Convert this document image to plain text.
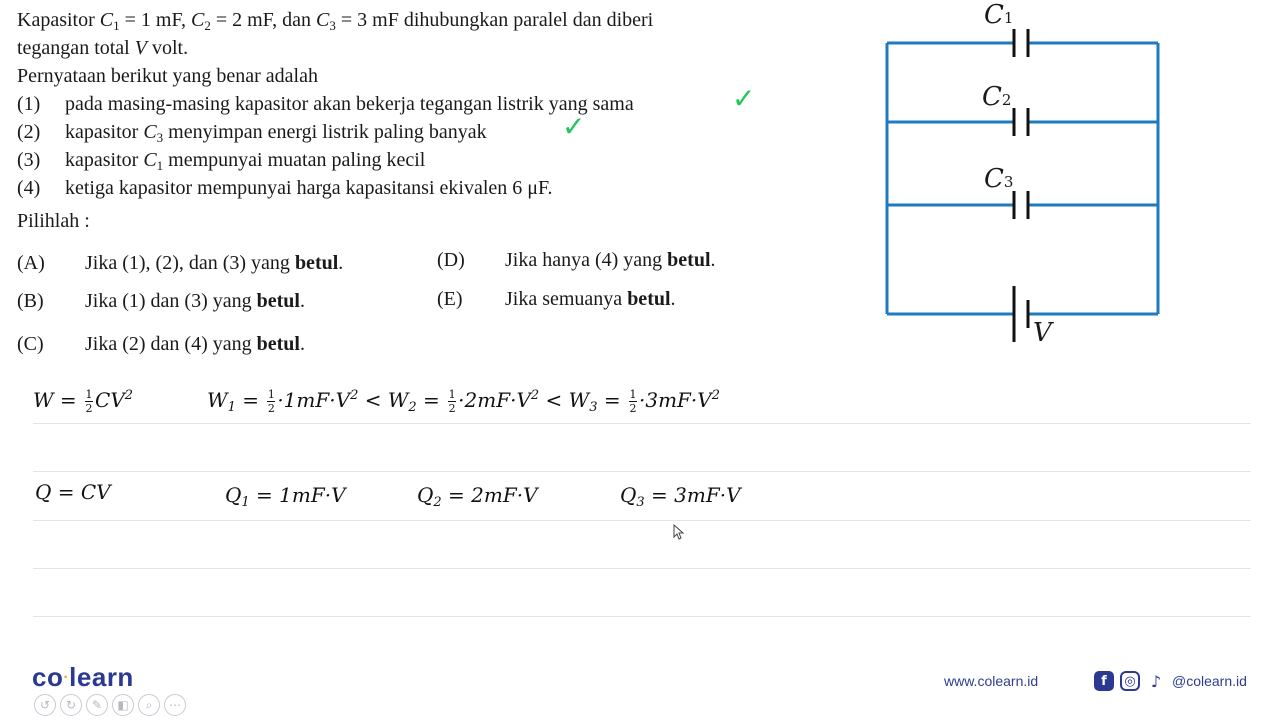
Kapasitor $C_1 = 1$ mF, $C_2 = 2$ mF, dan $C_3 = 3$ mF dihubungkan paralel dan diberi
tegangan total V volt.
Pernyataan berikut yang benar adalah
(1) pada masing-masing kapasitor akan bekerja tegangan listrik yang sama
(2) kapasitor $C_3$ menyimpan energi listrik paling banyak
(3) kapasitor $C_1$ mempunyai muatan paling kecil
(4) ketiga kapasitor mempunyai harga kapasitansi ekivalen 6 μF.
✓
✓
Pilihlah :
(A) Jika (1), (2), dan (3) yang betul.
(B) Jika (1) dan (3) yang betul.
(C) Jika (2) dan (4) yang betul.
(D) Jika hanya (4) yang betul.
(E) Jika semuanya betul.
C1
C2
C3
V
$W = \frac{1}{2} CV^2$	$W_1 = \frac{1}{2} \cdot 1mF\cdot V^2 < W_2 = \frac{1}{2} \cdot 2mF\cdot V^2 < W_3 = \frac{1}{2} \cdot 3mF\cdot V^2$
Q = CV	$Q_1 = 1mF\cdot V$	$Q_2 = 2mF\cdot V$	$Q_3 = 3mF\cdot V$
co·learn
↺	↻	✎	◧	⌕	⋯
www.colearn.id	f	◎ ♪ @colearn.id
